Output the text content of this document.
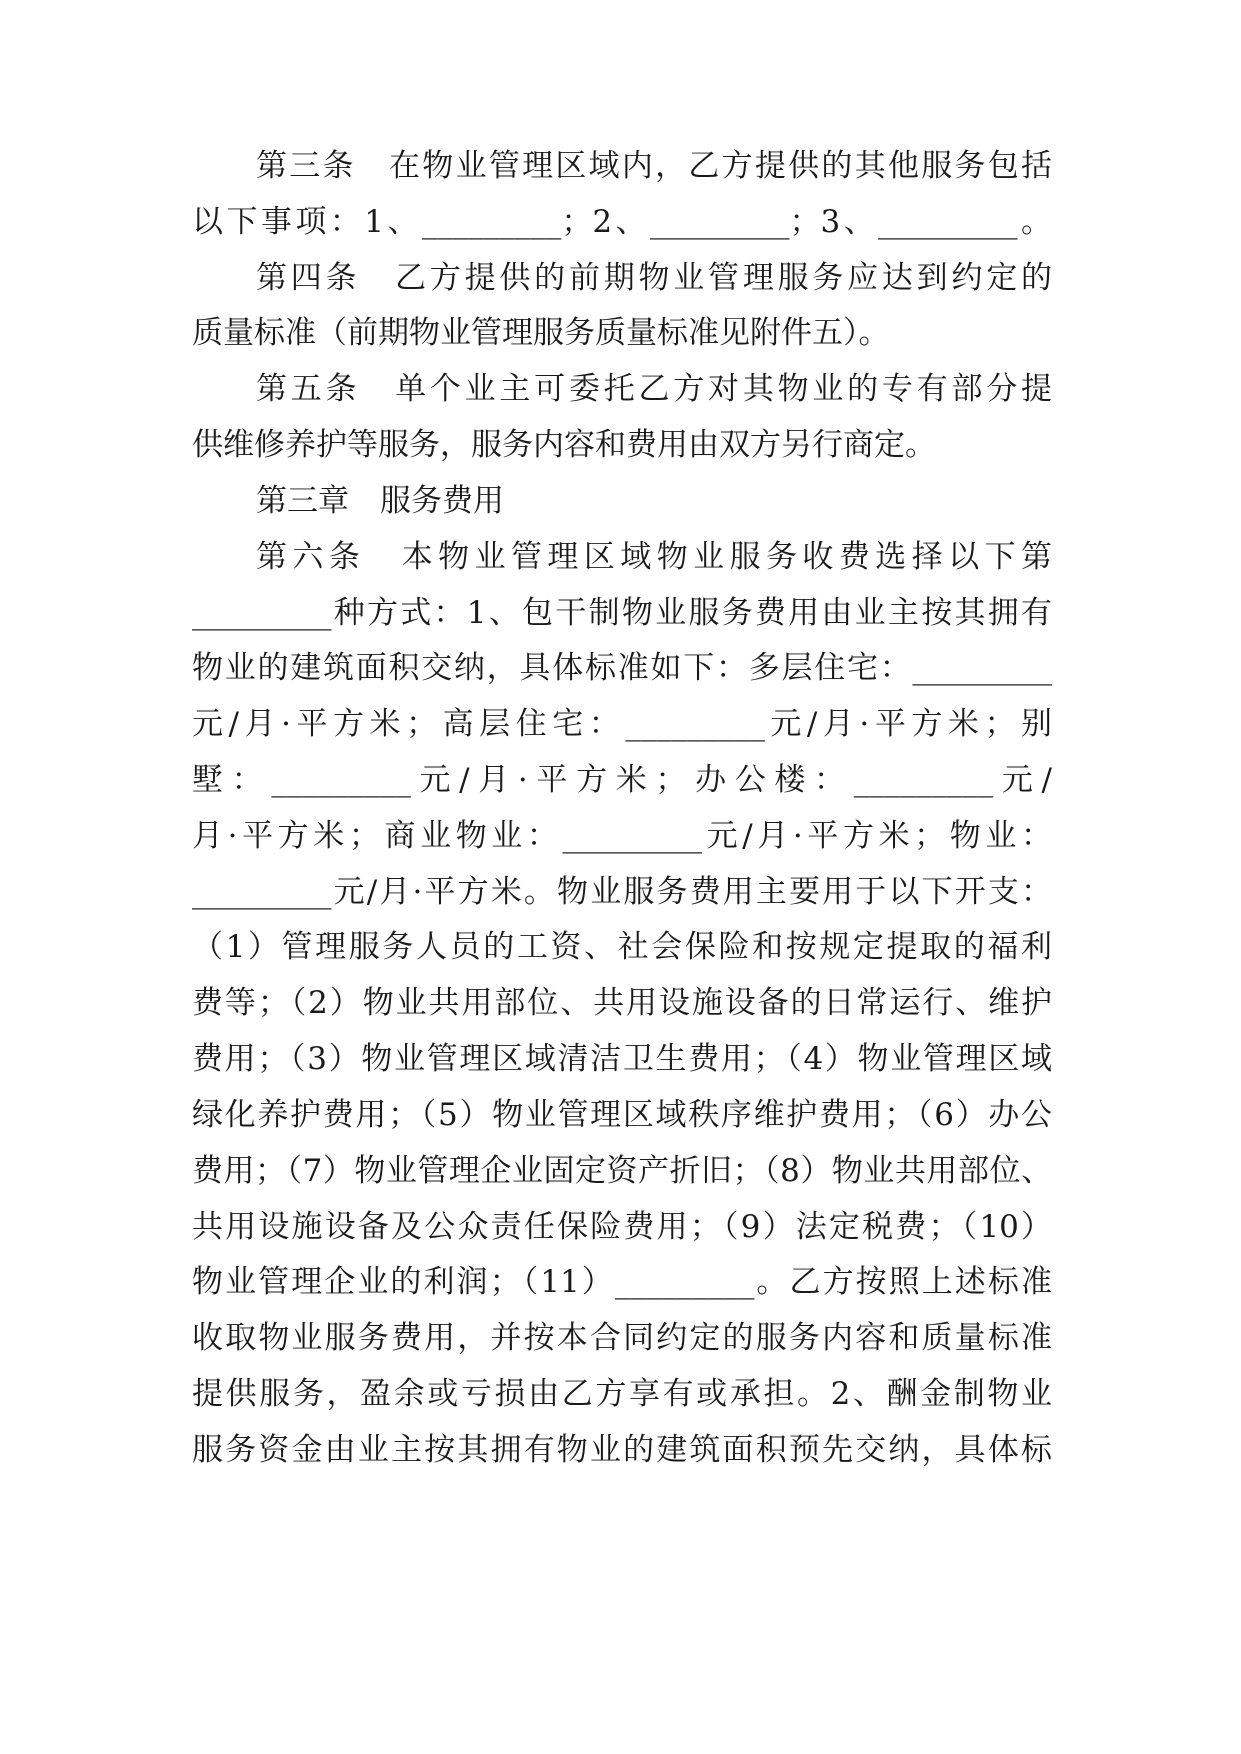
第三条　在物业管理区域内，乙方提供的其他服务包括

以下事项：1、_________；2、_________；3、_________。

第四条　乙方提供的前期物业管理服务应达到约定的

质量标准（前期物业管理服务质量标准见附件五）。

第五条　单个业主可委托乙方对其物业的专有部分提

供维修养护等服务，服务内容和费用由双方另行商定。

第三章　服务费用

第六条　本物业管理区域物业服务收费选择以下第

_________种方式：1、包干制物业服务费用由业主按其拥有

物业的建筑面积交纳，具体标准如下：多层住宅：_________

元/月·平方米；高层住宅：_________元/月·平方米；别

墅：_________元/月·平方米；办公楼：_________元/

月·平方米；商业物业：_________元/月·平方米；物业：

_________元/月·平方米。物业服务费用主要用于以下开支：

（1）管理服务人员的工资、社会保险和按规定提取的福利

费等；（2）物业共用部位、共用设施设备的日常运行、维护

费用；（3）物业管理区域清洁卫生费用；（4）物业管理区域

绿化养护费用；（5）物业管理区域秩序维护费用；（6）办公

费用；（7）物业管理企业固定资产折旧；（8）物业共用部位、

共用设施设备及公众责任保险费用；（9）法定税费；（10）

物业管理企业的利润；（11）_________。乙方按照上述标准

收取物业服务费用，并按本合同约定的服务内容和质量标准

提供服务，盈余或亏损由乙方享有或承担。2、酬金制物业

服务资金由业主按其拥有物业的建筑面积预先交纳，具体标
